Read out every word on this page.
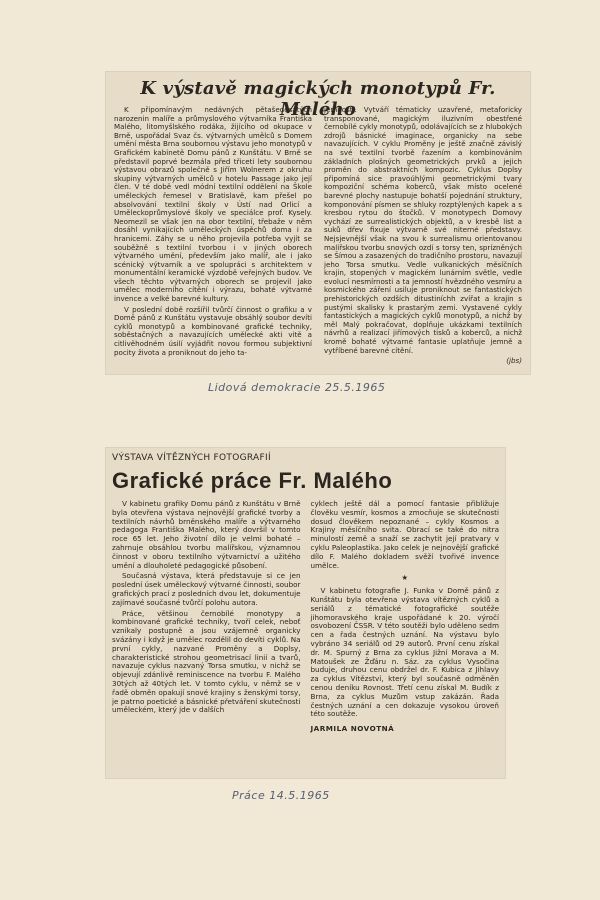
K výstavě magických monotypů Fr. Malého

K připomínavým nedávných pětašedesátých narozenin malíře a průmyslového výtvarníka Františka Malého, litomyšlského rodáka, žijícího od okupace v Brně, uspořádal Svaz čs. výtvarných umělců s Domem umění města Brna soubornou výstavu jeho monotypů v Grafickém kabinetě Domu pánů z Kunštátu. V Brně se představil poprvé bezmála před třiceti lety soubornou výstavou obrazů společně s Jiřím Wolnerem z okruhu skupiny výtvarných umělců v hotelu Passage jako její člen. V té době vedl módní textilní oddělení na Škole uměleckých řemesel v Bratislavě, kam přešel po absolvování textilní školy v Ústí nad Orlicí a Uměleckoprůmyslové školy ve speciálce prof. Kysely. Neomezil se však jen na obor textilní, třebaže v něm dosáhl vynikajících uměleckých úspěchů doma i za hranicemi. Záhy se u něho projevila potřeba vyjít se souběžně s textilní tvorbou i v jiných oborech výtvarného umění, především jako malíř, ale i jako scénický výtvarník a ve spolupráci s architektem v monumentální keramické výzdobě veřejných budov. Ve všech těchto výtvarných oborech se projevil jako umělec moderního cítění i výrazu, bohaté výtvarné invence a velké barevné kultury.

V poslední době rozšířil tvůrčí činnost o grafiku a v Domě pánů z Kunštátu vystavuje obsáhlý soubor devíti cyklů monotypů a kombinované grafické techniky, soběstačných a navazujících umělecké akti vitě a citlivěhodném úsilí vyjádřit novou formou subjektivní pocity života a proniknout do jeho ta-

jemností. Vytváří tématicky uzavřené, metaforicky transponované, magickým iluzivním obestřené černobílé cykly monotypů, odolávajících se z hlubokých zdrojů básnické imaginace, organicky na sebe navazujících. V cyklu Proměny je ještě značně závislý na své textilní tvorbě řazením a kombinováním základních plošných geometrických prvků a jejich proměn do abstraktních kompozic. Cyklus Doplsy připomíná sice pravoúhlými geometrickými tvary kompoziční schéma koberců, však místo ocelené barevné plochy nastupuje bohatší pojednání struktury, komponování písmen se shluky rozptýlených kapek a s kresbou rytou do štočků. V monotypech Domovy vychází ze surrealistických objektů, a v kresbě list a suků dřev fixuje výtvarně své niterné představy. Nejsjevnější však na svou k surrealismu orientovanou malířskou tvorbu snových ozdí s torsy ten, sprízněných se Šímou a zasazených do tradičního prostoru, navazují jeho Torsa smutku. Vedle vulkanických měsíčních krajin, stopených v magickém lunárním světle, vedle evolucí nesmírnosti a ta jemností hvězdného vesmíru a kosmického záření usiluje proniknout se fantastických prehistorických ozdších ditustiníchh zvířat a krajin s pustými skalisky k prastarým zemi. Vystavené cykly fantastických a magických cyklů monotypů, a nichž by měl Malý pokračovat, doplňuje ukázkami textilních návrhů a realizací jiřímových tisků a koberců, a nichž kromě bohaté výtvarné fantasie uplatňuje jemně a vytříbené barevné cítění.

(jbs)
Lidová demokracie 25.5.1965
VÝSTAVA VÍTĚZNÝCH FOTOGRAFIÍ
Grafické práce Fr. Malého

V kabinetu grafiky Domu pánů z Kunštátu v Brně byla otevřena výstava nejnovější grafické tvorby a textilních návrhů brněnského malíře a výtvarného pedagoga Františka Malého, který dovršil v tomto roce 65 let. Jeho životní dílo je velmi bohaté – zahrnuje obsáhlou tvorbu malířskou, významnou činnost v oboru textilního výtvarnictví a užitého umění a dlouholeté pedagogické působení.

Současná výstava, která představuje si ce jen poslední úsek uměleckový výtvarné činnosti, soubor grafických prací z posledních dvou let, dokumentuje zajímavé současné tvůrčí polohu autora.

Práce, většinou černobílé monotypy a kombinované grafické techniky, tvoří celek, neboť vznikaly postupně a jsou vzájemně organicky svázány i když je umělec rozdělil do devíti cyklů. Na první cykly, nazvané Proměny a Doplsy, charakteristické strohou geometrisací linií a tvarů, navazuje cyklus nazvaný Torsa smutku, v nichž se objevují zdánlivě reminiscence na tvorbu F. Malého 30tých až 40tých let. V tomto cyklu, v němž se v řadě obměn opakují snové krajiny s ženskými torsy, je patrno poetické a básnické přetváření skutečnosti uměleckém, který jde v dalších

cyklech ještě dál a pomocí fantasie přibližuje člověku vesmír, kosmos a zmocňuje se skutečnosti dosud člověkem nepoznané – cykly Kosmos a Krajiny měsíčního svita. Obrací se také do nitra minulostí země a snaží se zachytit její pratvary v cyklu Paleoplastika. Jako celek je nejnovější grafické dílo F. Malého dokladem svěží tvořivé invence umělce.

★

V kabinetu fotografie J. Funka v Domě pánů z Kunštátu byla otevřena výstava vítězných cyklů a seriálů z tématické fotografické soutěže jihomoravského kraje uspořádané k 20. výročí osvobození ČSSR. V této soutěži bylo uděleno sedm cen a řada čestných uznání. Na výstavu bylo vybráno 34 seriálů od 29 autorů. První cenu získal dr. M. Spurný z Brna za cyklus Jižní Morava a M. Matoušek ze Žďáru n. Sáz. za cyklus Vysočina buduje, druhou cenu obdržel dr. F. Kubica z Jihlavy za cyklus Vítězství, který byl současně odměněn cenou deníku Rovnost. Třetí cenu získal M. Budík z Brna, za cyklus Muzům vstup zakázán. Řada čestných uznání a cen dokazuje vysokou úroveň této soutěže.

JARMILA NOVOTNÁ
Práce 14.5.1965
